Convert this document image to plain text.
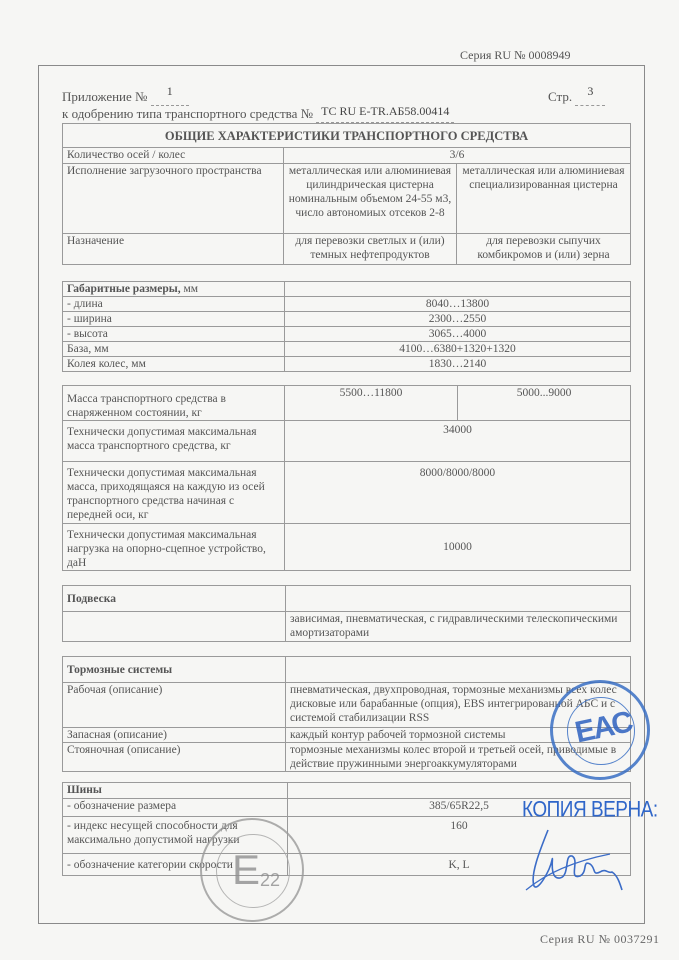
Серия RU № 0008949
Приложение № 1	Стр. 3
к одобрению типа транспортного средства № ТС RU E-TR.АБ58.00414
ОБЩИЕ ХАРАКТЕРИСТИКИ ТРАНСПОРТНОГО СРЕДСТВА		
Количество осей / колес	3/6	
Исполнение загрузочного пространства	металлическая или алюминиевая цилиндрическая цистерна номинальным объемом 24-55 м3, число автономиых отсеков 2-8	металлическая или алюминиевая специализированная цистерна
Назначение	для перевозки светлых и (или) темных нефтепродуктов	для перевозки сыпучих комбикромов и (или) зерна
Габаритные размеры, мм	
- длина	8040…13800
- ширина	2300…2550
- высота	3065…4000
База, мм	4100…6380+1320+1320
Колея колес, мм	1830…2140
Масса транспортного средства в снаряженном состоянии, кг	5500…11800	5000...9000
Технически допустимая максимальная масса транспортного средства, кг	34000	
Технически допустимая максимальная масса, приходящаяся на каждую из осей транспортного средства начиная с передней оси, кг	8000/8000/8000	
Технически допустимая максимальная нагрузка на опорно-сцепное устройство, даН	10000	
Подвеска	
	зависимая, пневматическая, с гидравлическими телескопическими амортизаторами
Тормозные системы	
Рабочая (описание)	пневматическая, двухпроводная, тормозные механизмы всех колес дисковые или барабанные (опция), EBS интегрированной АБС и с системой стабилизации RSS
Запасная (описание)	каждый контур рабочей тормозной системы
Стояночная (описание)	тормозные механизмы колес второй и третьей осей, приводимые в действие пружинными энергоаккумуляторами
Шины	
- обозначение размера	385/65R22,5
- индекс несущей способности для максимально допустимой нагрузки	160
- обозначение категории скорости	K, L
E 22
ЕАС
КОПИЯ ВЕРНА:
Серия RU № 0037291
